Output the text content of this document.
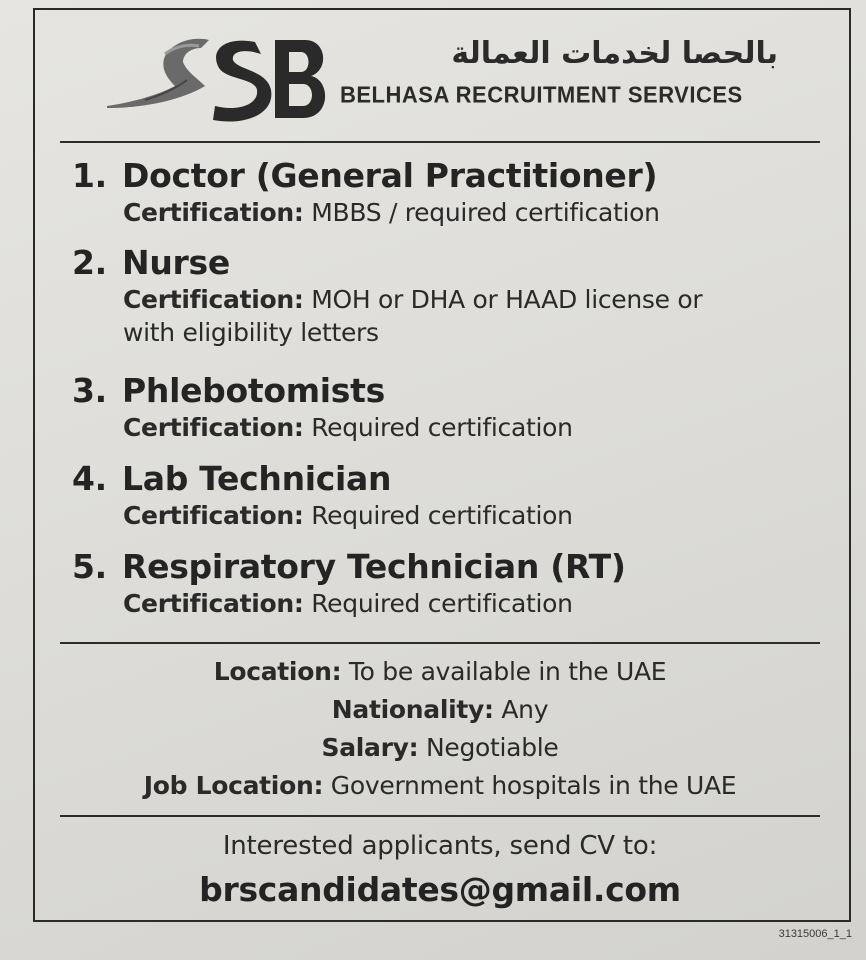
بالحصا لخدمات العمالة
BELHASA RECRUITMENT SERVICES
1. Doctor (General Practitioner)
Certification: MBBS / required certification
2. Nurse
Certification: MOH or DHA or HAAD license or
with eligibility letters
3. Phlebotomists
Certification: Required certification
4. Lab Technician
Certification: Required certification
5. Respiratory Technician (RT)
Certification: Required certification
Location: To be available in the UAE
Nationality: Any
Salary: Negotiable
Job Location: Government hospitals in the UAE
Interested applicants, send CV to:
brscandidates@gmail.com
31315006_1_1
